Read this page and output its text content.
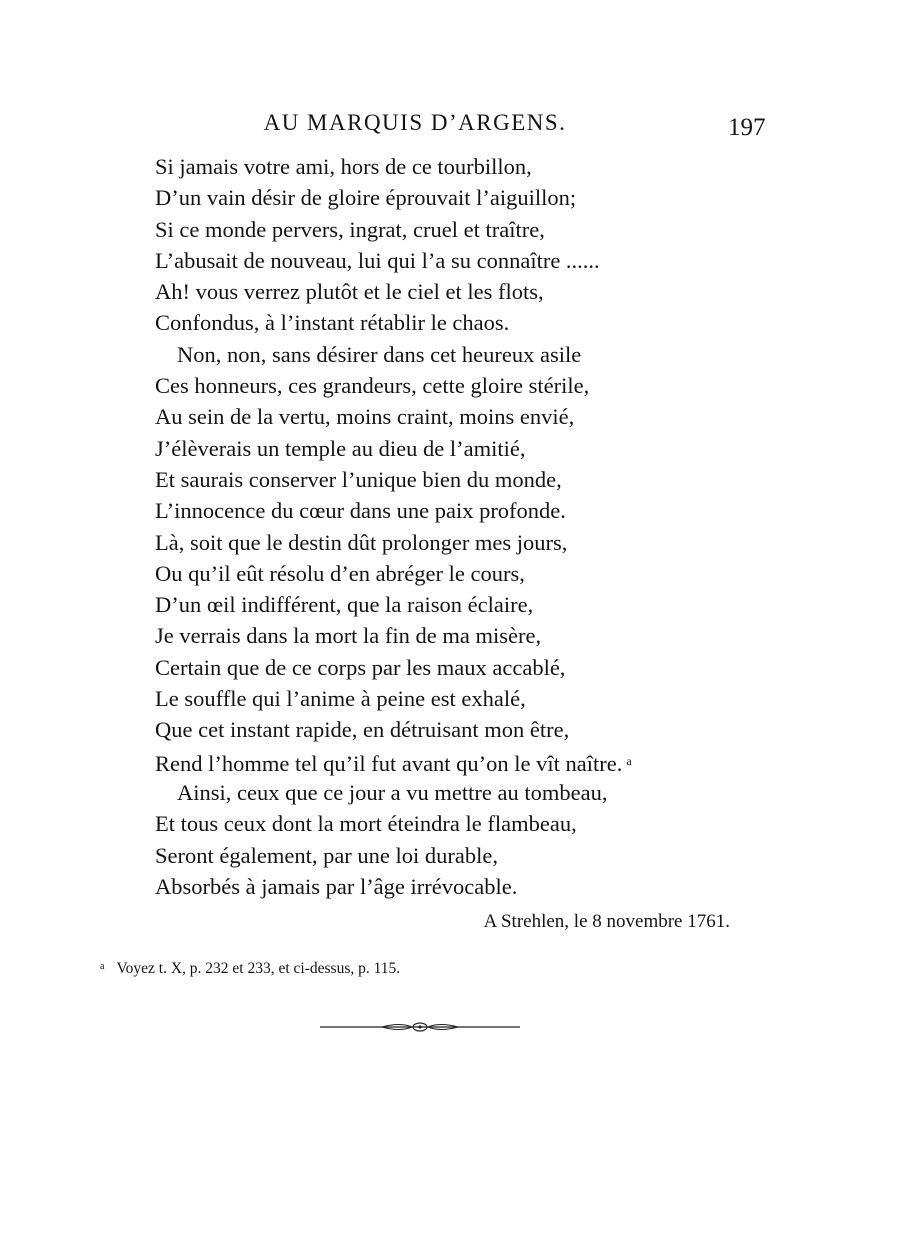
AU MARQUIS D’ARGENS.	197
Si jamais votre ami, hors de ce tourbillon,
D’un vain désir de gloire éprouvait l’aiguillon;
Si ce monde pervers, ingrat, cruel et traître,
L’abusait de nouveau, lui qui l’a su connaître ......
Ah! vous verrez plutôt et le ciel et les flots,
Confondus, à l’instant rétablir le chaos.
Non, non, sans désirer dans cet heureux asile
Ces honneurs, ces grandeurs, cette gloire stérile,
Au sein de la vertu, moins craint, moins envié,
J’élèverais un temple au dieu de l’amitié,
Et saurais conserver l’unique bien du monde,
L’innocence du cœur dans une paix profonde.
Là, soit que le destin dût prolonger mes jours,
Ou qu’il eût résolu d’en abréger le cours,
D’un œil indifférent, que la raison éclaire,
Je verrais dans la mort la fin de ma misère,
Certain que de ce corps par les maux accablé,
Le souffle qui l’anime à peine est exhalé,
Que cet instant rapide, en détruisant mon être,
Rend l’homme tel qu’il fut avant qu’on le vît naître. $^a$
Ainsi, ceux que ce jour a vu mettre au tombeau,
Et tous ceux dont la mort éteindra le flambeau,
Seront également, par une loi durable,
Absorbés à jamais par l’âge irrévocable.
A Strehlen, le 8 novembre 1761.
$^a$ Voyez t. X, p. 232 et 233, et ci-dessus, p. 115.
